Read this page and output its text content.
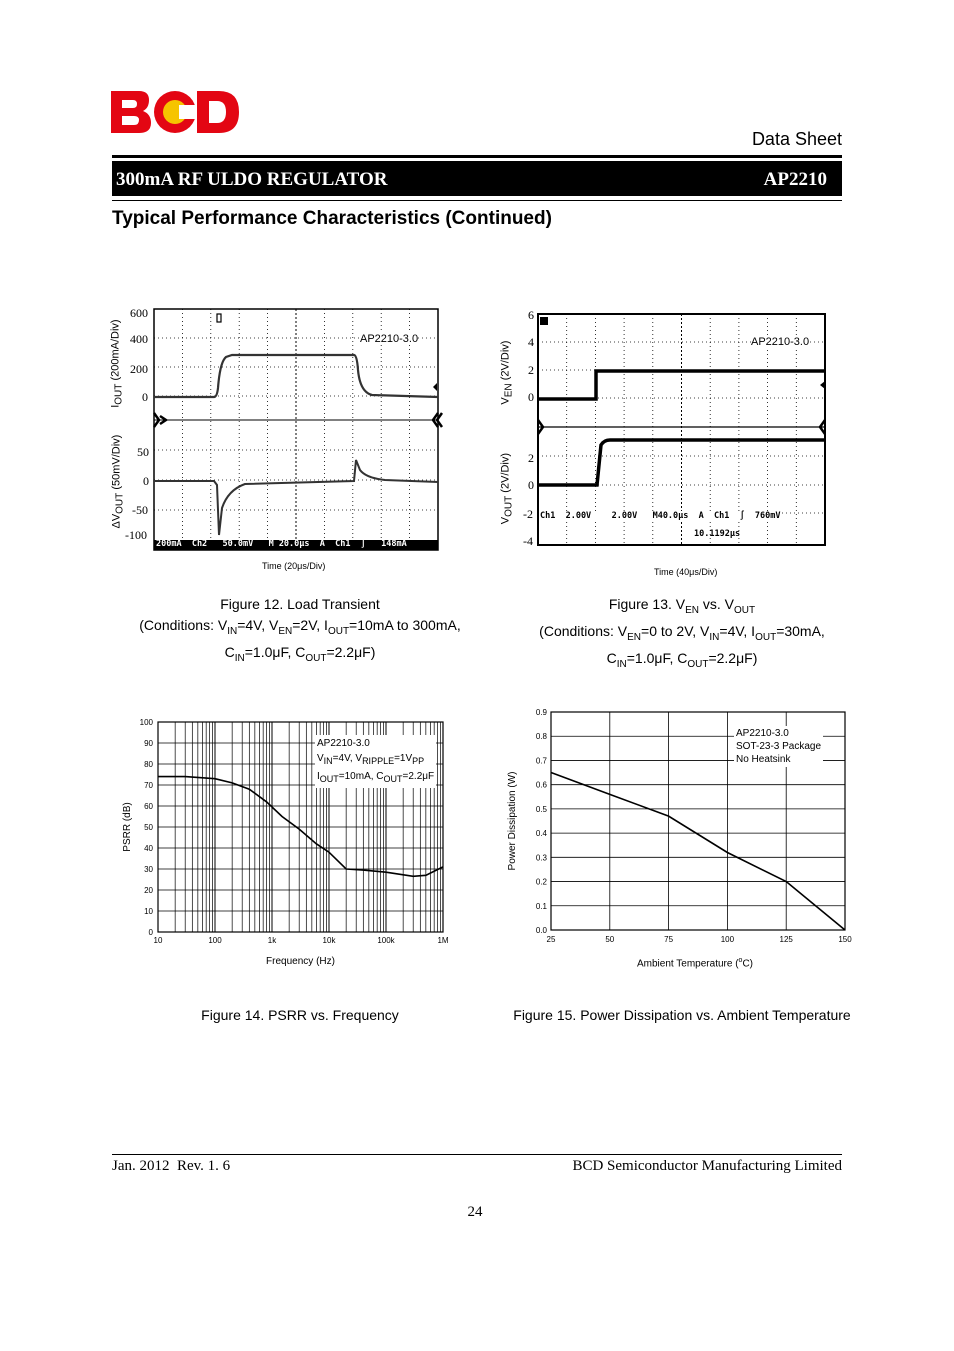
Data Sheet
300mA RF ULDO REGULATOR	AP2210
Typical Performance Characteristics (Continued)
600
400
200
0
50
0
-50
-100
AP2210-3.0
200mA  Ch2   50.0mV   M 20.0μs  A  Ch1  ∫   148mA
$I_{OUT}$ (200mA/Div)
$\Delta V_{OUT}$ (50mV/Div)
Time (20μs/Div)
Figure 12. Load Transient
(Conditions: $V_{IN}=4V$, $V_{EN}=2V$, $I_{OUT}=10mA$ to 300mA,
$C_{IN}=1.0\mu F$, $C_{OUT}=2.2\mu F$)
6
4
2
0
2
0
-2
-4
AP2210-3.0
Ch1  2.00V    2.00V   M40.0μs  A  Ch1  ∫  760mV
10.1192μs
$V_{EN}$ (2V/Div)
$V_{OUT}$ (2V/Div)
Time (40μs/Div)
Figure 13. $V_{EN}$ vs. $V_{OUT}$
(Conditions: $V_{EN}=0$ to 2V, $V_{IN}=4V$, $I_{OUT}=30mA$,
$C_{IN}=1.0\mu F$, $C_{OUT}=2.2\mu F$)
0
10
20
30
40
50
60
70
80
90
100
10	100	1k	10k	100k	1M
Frequency (Hz)
PSRR (dB)
AP2210-3.0
$V_{IN}=4V$, $V_{RIPPLE}=1V_{PP}$
$I_{OUT}=10mA$, $C_{OUT}=2.2\mu F$
Figure 14. PSRR vs. Frequency
25	50	75	100	125	150
0.0
0.1
0.2
0.3
0.4
0.5
0.6
0.7
0.8
0.9
Power Dissipation (W)
AP2210-3.0
SOT-23-3 Package
No Heatsink
Ambient Temperature ($^o$C)
Figure 15. Power Dissipation vs. Ambient Temperature
Jan. 2012  Rev. 1. 6	BCD Semiconductor Manufacturing Limited
24
